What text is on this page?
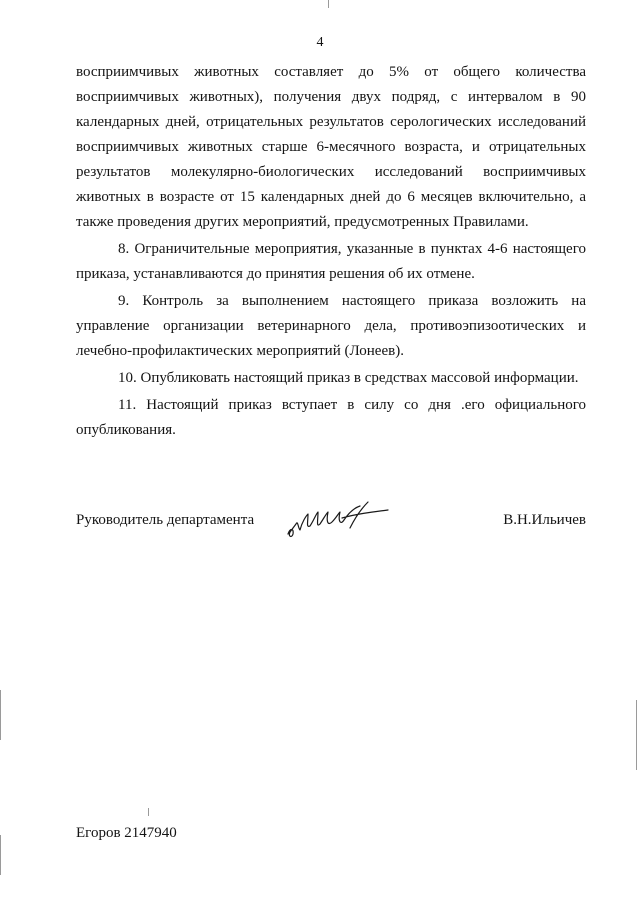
4

восприимчивых животных составляет до 5% от общего количества восприимчивых животных), получения двух подряд, с интервалом в 90 календарных дней, отрицательных результатов серологических исследований восприимчивых животных старше 6-месячного возраста, и отрицательных результатов молекулярно-биологических исследований восприимчивых животных в возрасте от 15 календарных дней до 6 месяцев включительно, а также проведения других мероприятий, предусмотренных Правилами.

8. Ограничительные мероприятия, указанные в пунктах 4-6 настоящего приказа, устанавливаются до принятия решения об их отмене.

9. Контроль за выполнением настоящего приказа возложить на управление организации ветеринарного дела, противоэпизоотических и лечебно-профилактических мероприятий (Лонеев).

10. Опубликовать настоящий приказ в средствах массовой информации.

11. Настоящий приказ вступает в силу со дня .его официального опубликования.

Руководитель департамента	В.Н.Ильичев
Егоров 2147940
